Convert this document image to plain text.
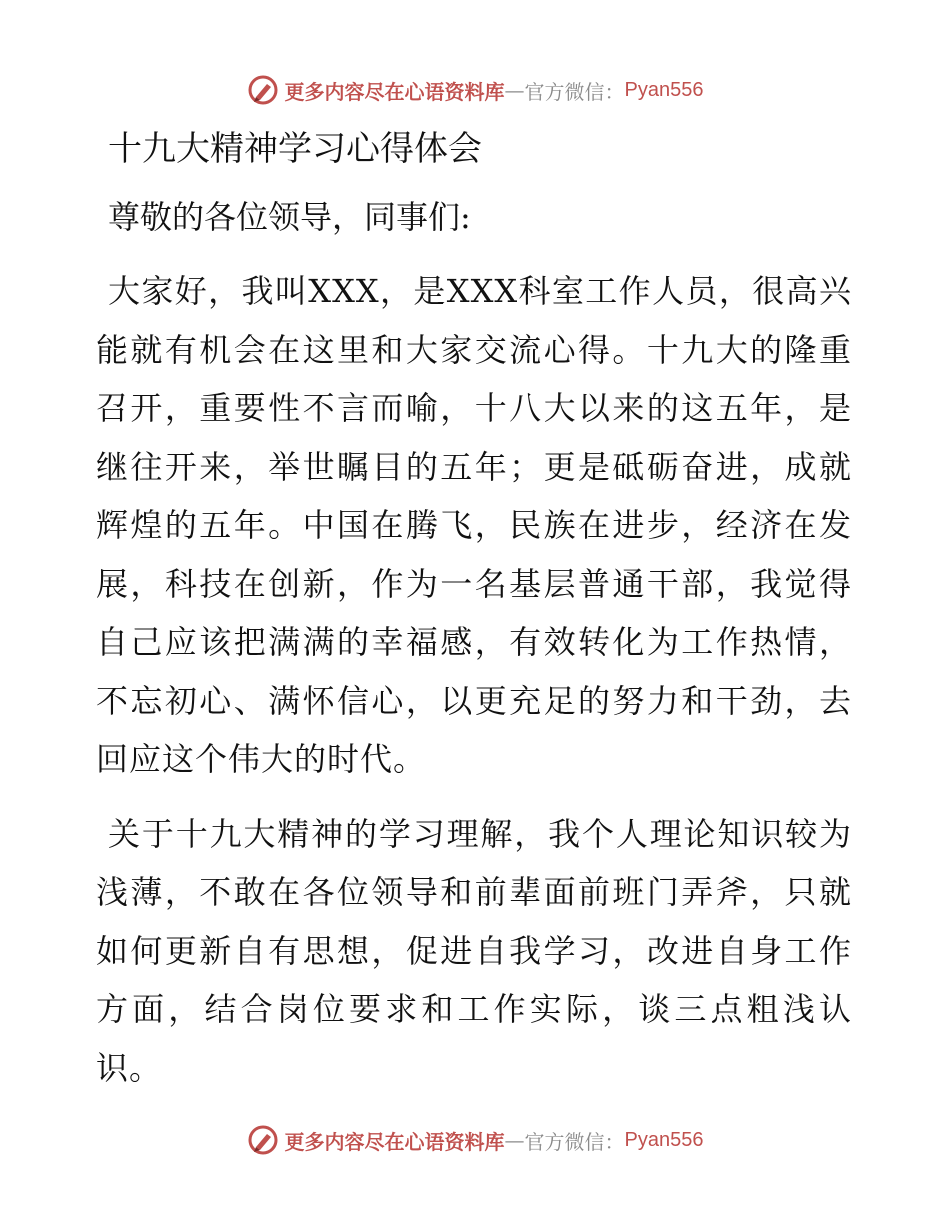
更多内容尽在心语资料库 — 官方微信： Pyan556
十九大精神学习心得体会

尊敬的各位领导，同事们:

大家好，我叫XXX，是XXX科室工作人员，很高兴能就有机会在这里和大家交流心得。十九大的隆重召开，重要性不言而喻，十八大以来的这五年，是继往开来，举世瞩目的五年；更是砥砺奋进，成就辉煌的五年。中国在腾飞，民族在进步，经济在发展，科技在创新，作为一名基层普通干部，我觉得自己应该把满满的幸福感，有效转化为工作热情，不忘初心、满怀信心，以更充足的努力和干劲，去回应这个伟大的时代。

关于十九大精神的学习理解，我个人理论知识较为浅薄，不敢在各位领导和前辈面前班门弄斧，只就如何更新自有思想，促进自我学习，改进自身工作方面，结合岗位要求和工作实际，谈三点粗浅认识。

更多内容尽在心语资料库 — 官方微信： Pyan556
